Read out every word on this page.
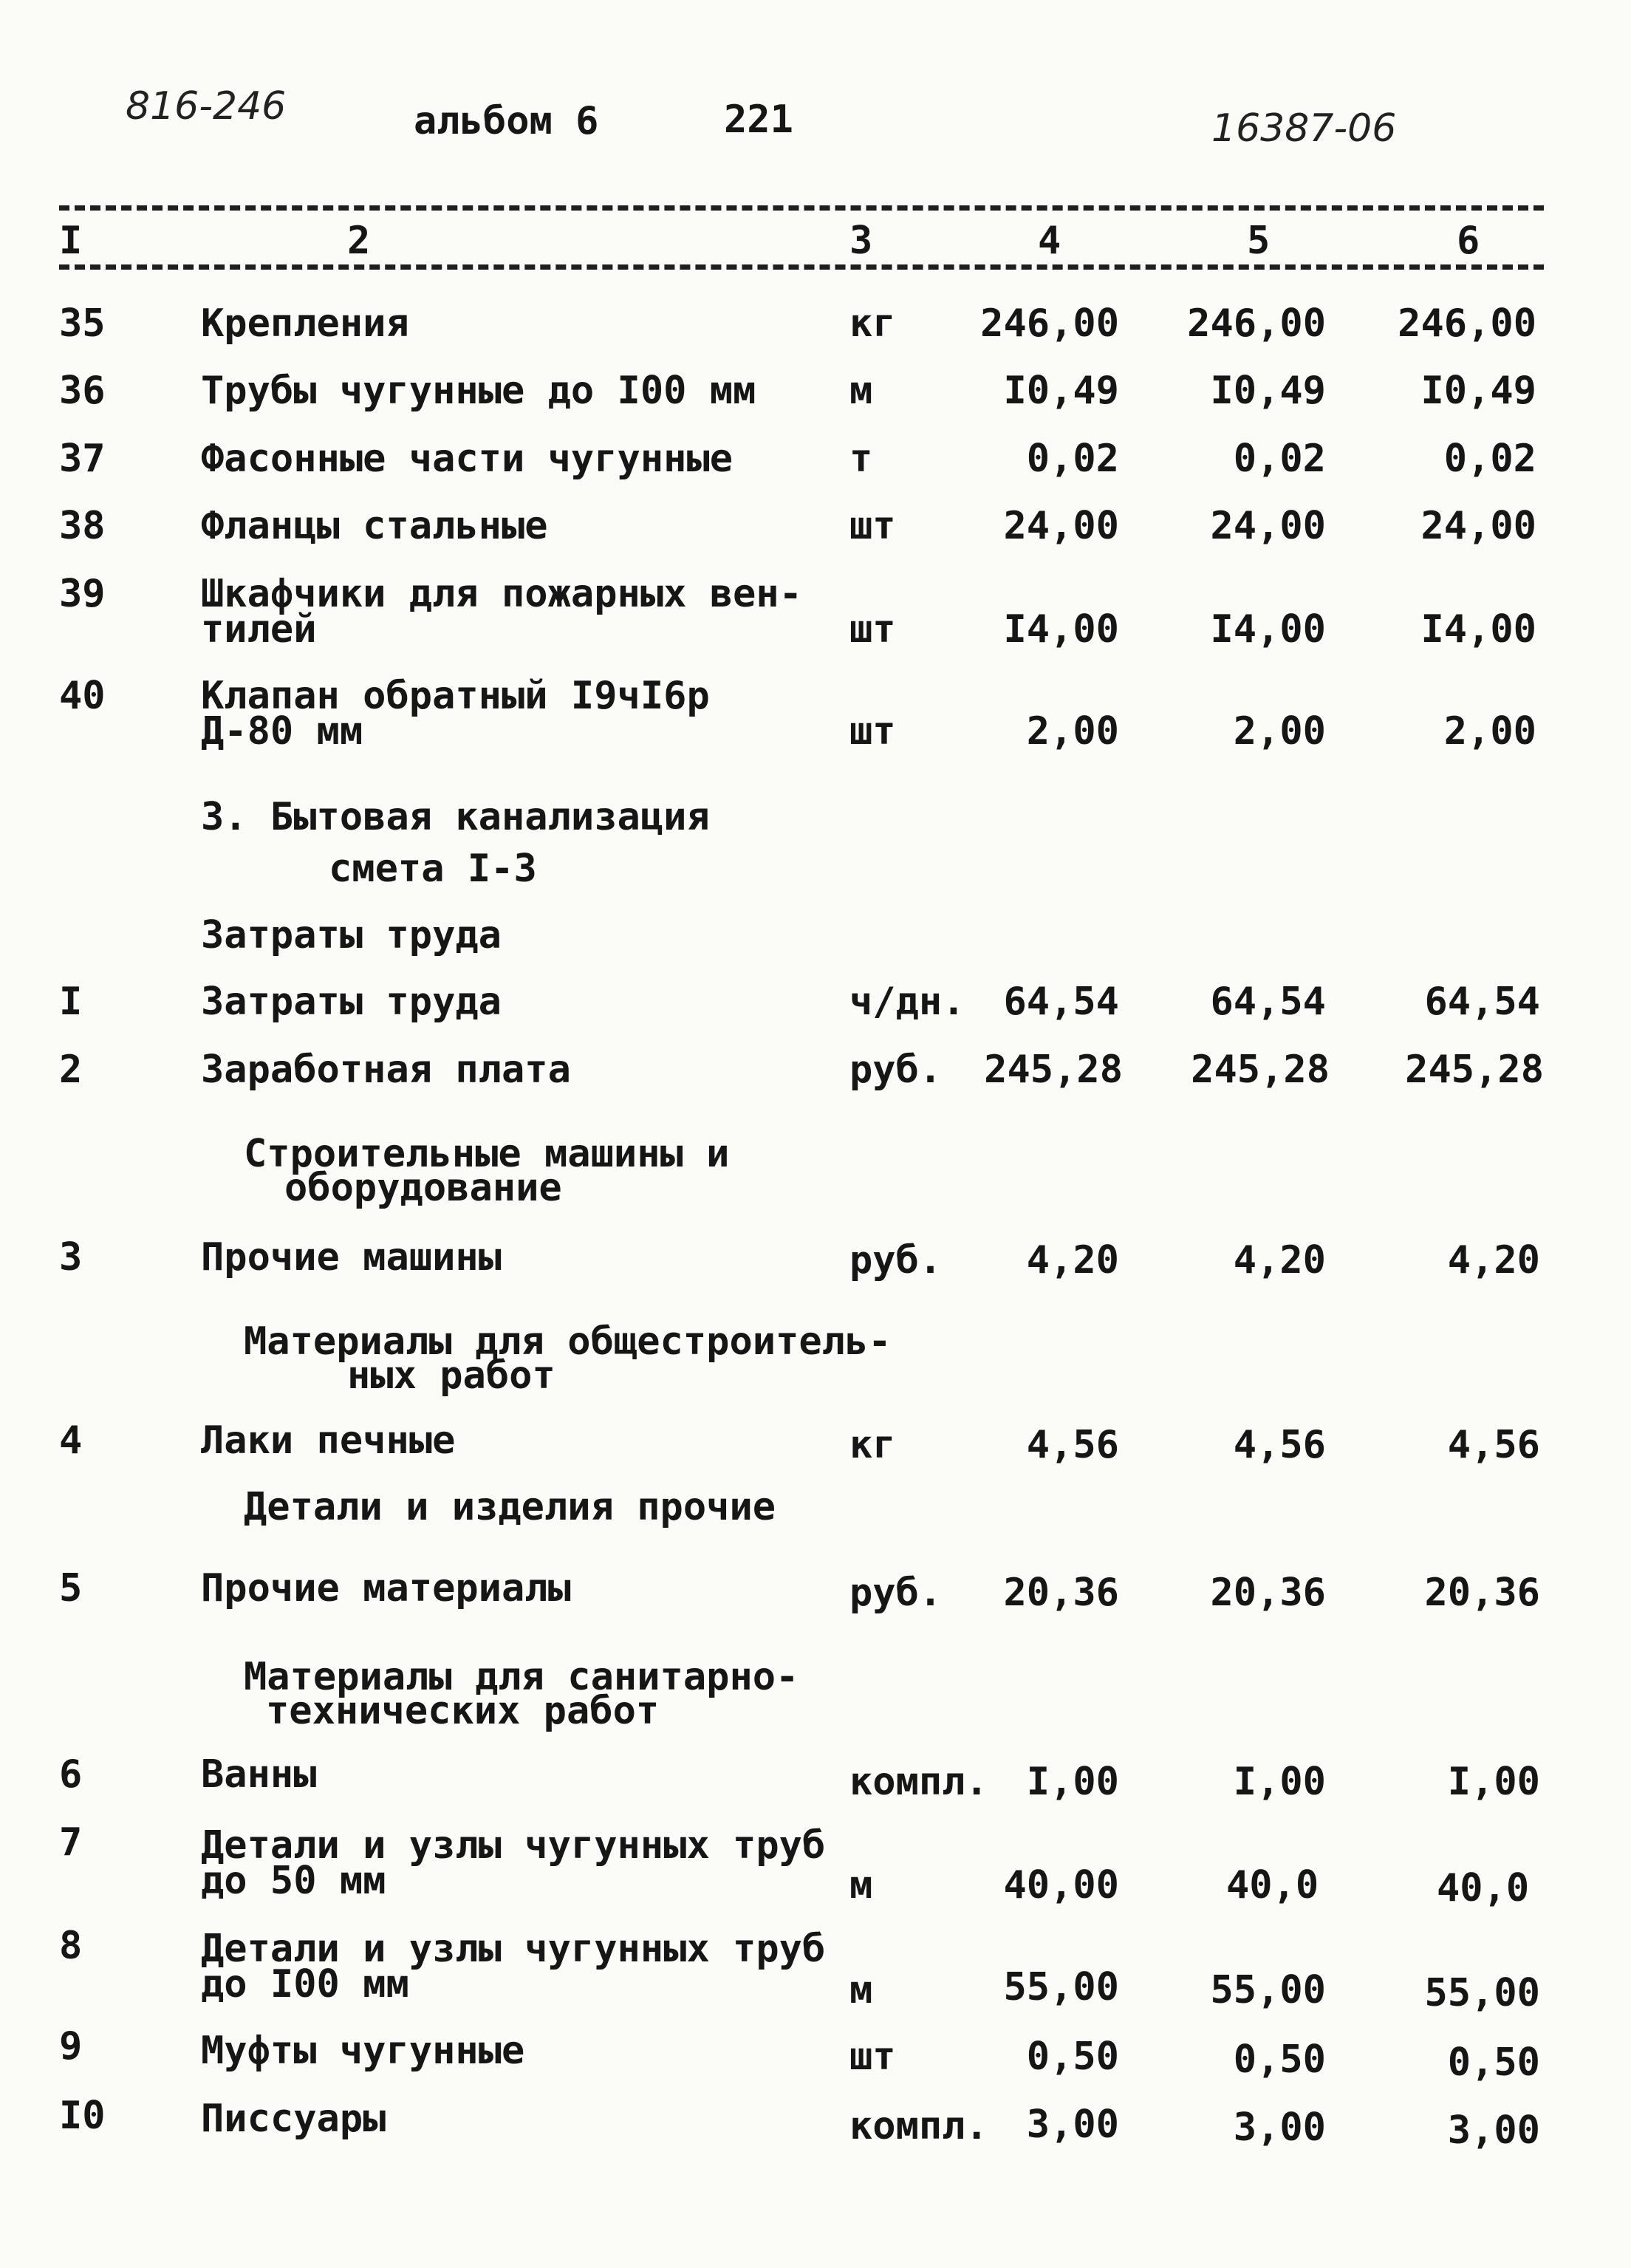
816-246	альбом 6	221	16387-06
I	2	3	4	5	6
35 Крепления	кг	246,00	246,00	246,00
36 Трубы чугунные до I00 мм м	I0,49	I0,49	I0,49
37 Фасонные части чугунные	т	0,02	0,02	0,02
38 Фланцы стальные	шт	24,00	24,00	24,00
39 Шкафчики для пожарных вен-
тилей	шт	I4,00	I4,00	I4,00
40 Клапан обратный I9чI6р
Д-80 мм	шт	2,00	2,00	2,00
3. Бытовая канализация
смета I-3
Затраты труда
I	Затраты труда	ч/дн. 64,54	64,54	64,54
2	Заработная плата	руб.	245,28	245,28	245,28
Строительные машины и
оборудование
3	Прочие машины	руб.	4,20	4,20	4,20
Материалы для общестроитель-
ных работ
4	Лаки печные	кг	4,56	4,56	4,56
Детали и изделия прочие
5	Прочие материалы	руб.	20,36	20,36	20,36
Материалы для санитарно-
технических работ
6	Ванны	компл. I,00	I,00	I,00
7	Детали и узлы чугунных труб
до 50 мм	м	40,00	40,0	40,0
8	Детали и узлы чугунных труб
до I00 мм	м	55,00	55,00	55,00
9	Муфты чугунные	шт	0,50	0,50	0,50
I0 Писсуары	компл. 3,00	3,00	3,00
